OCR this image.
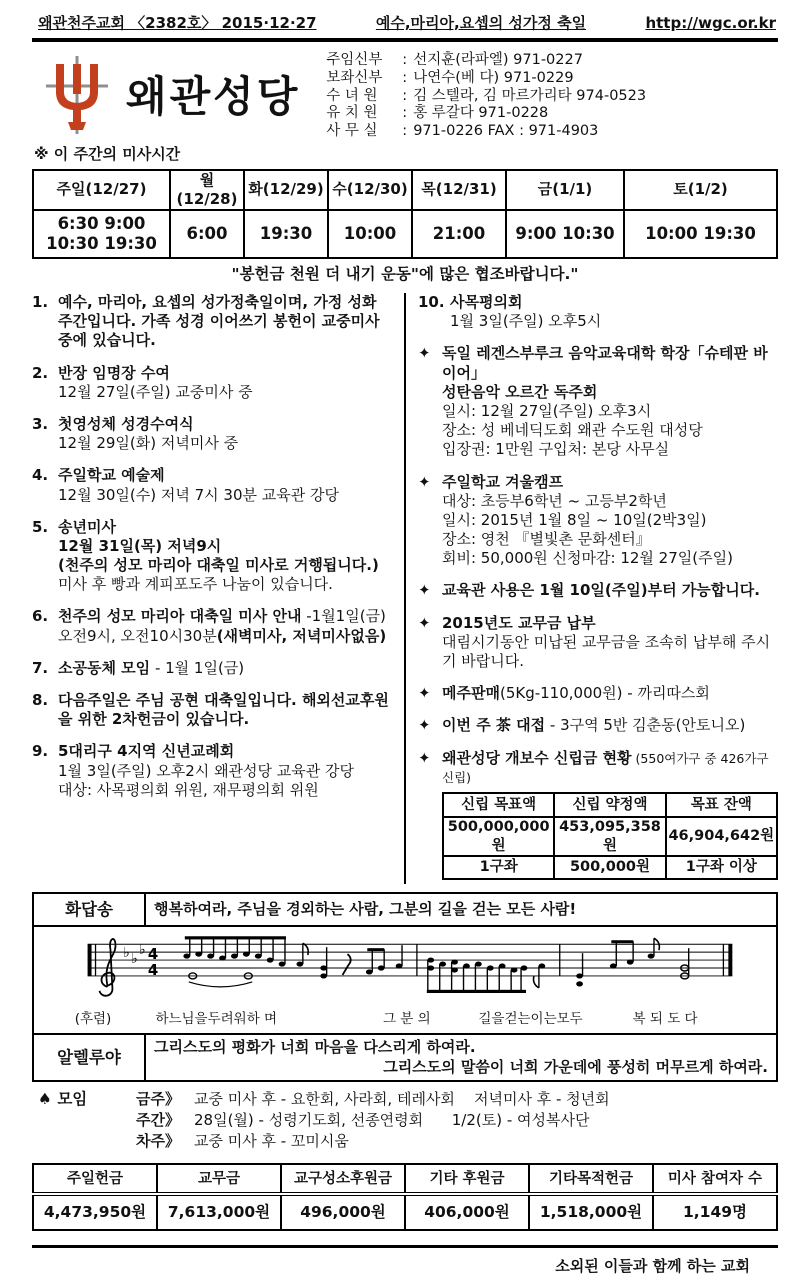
왜관천주교회 〈2382호〉 2015·12·27	예수,마리아,요셉의 성가정 축일	http://wgc.or.kr
왜관성당
주임신부	: 선지훈(라파엘) 971-0227
보좌신부	: 나연수(베 다) 971-0229
수 녀 원	: 김 스텔라, 김 마르가리타 974-0523
유 치 원	: 홍 루갈다 971-0228
사 무 실	: 971-0226 FAX : 971-4903
※ 이 주간의 미사시간
주일(12/27)	월(12/28)	화(12/29)	수(12/30)	목(12/31)	금(1/1)	토(1/2)

6:30 9:00
10:30 19:30	6:00	19:30	10:00	21:00	9:00 10:30	10:00 19:30
"봉헌금 천원 더 내기 운동"에 많은 협조바랍니다."
1. 예수, 마리아, 요셉의 성가정축일이며, 가정 성화 주간입니다. 가족 성경 이어쓰기 봉헌이 교중미사 중에 있습니다.
2. 반장 임명장 수여
12월 27일(주일) 교중미사 중
3. 첫영성체 성경수여식
12월 29일(화) 저녁미사 중
4. 주일학교 예술제
12월 30일(수) 저녁 7시 30분 교육관 강당
5. 송년미사
12월 31일(목) 저녁9시
(천주의 성모 마리아 대축일 미사로 거행됩니다.)
미사 후 빵과 계피포도주 나눔이 있습니다.
6. 천주의 성모 마리아 대축일 미사 안내 -1월1일(금)
오전9시, 오전10시30분(새벽미사, 저녁미사없음)
7. 소공동체 모임 - 1월 1일(금)
8. 다음주일은 주님 공현 대축일입니다. 해외선교후원을 위한 2차헌금이 있습니다.
9. 5대리구 4지역 신년교례회
1월 3일(주일) 오후2시 왜관성당 교육관 강당
대상: 사목평의회 위원, 재무평의회 위원
10. 사목평의회
1월 3일(주일) 오후5시
✦ 독일 레겐스부루크 음악교육대학 학장「슈테판 바이어」
성탄음악 오르간 독주회
일시: 12월 27일(주일) 오후3시
장소: 성 베네딕도회 왜관 수도원 대성당
입장권: 1만원 구입처: 본당 사무실
✦ 주일학교 겨울캠프
대상: 초등부6학년 ~ 고등부2학년
일시: 2015년 1월 8일 ~ 10일(2박3일)
장소: 영천 『별빛촌 문화센터』
회비: 50,000원 신청마감: 12월 27일(주일)
✦ 교육관 사용은 1월 10일(주일)부터 가능합니다.
✦ 2015년도 교무금 납부
대림시기동안 미납된 교무금을 조속히 납부해 주시기 바랍니다.
✦ 메주판매(5Kg-110,000원) - 까리따스회
✦ 이번 주 茶 대접 - 3구역 5반 김춘동(안토니오)
✦ 왜관성당 개보수 신립금 현황 (550여가구 중 426가구 신립)
신립 목표액	신립 약정액	목표 잔액
500,000,000원	453,095,358원	46,904,642원
1구좌	500,000원	1구좌 이상
화답송	행복하여라, 주님을 경외하는 사람, 그분의 길을 걷는 모든 사람!
♭ ♭
♭ 4
4
(후렴)	하느님을두려워하 며	그 분 의	길을걷는이는모두	복 되 도 다
알렐루야
그리스도의 평화가 너희 마음을 다스리게 하여라.
그리스도의 말씀이 너희 가운데에 풍성히 머무르게 하여라.
♠ 모임	금주》 교중 미사 후 - 요한회, 사라회, 테레사회    저녁미사 후 - 청년회
주간》 28일(월) - 성령기도회, 선종연령회      1/2(토) - 여성복사단
차주》 교중 미사 후 - 꼬미시움
주일헌금	교무금	교구성소후원금	기타 후원금	기타목적헌금	미사 참여자 수
4,473,950원	7,613,000원	496,000원	406,000원	1,518,000원	1,149명
소외된 이들과 함께 하는 교회
